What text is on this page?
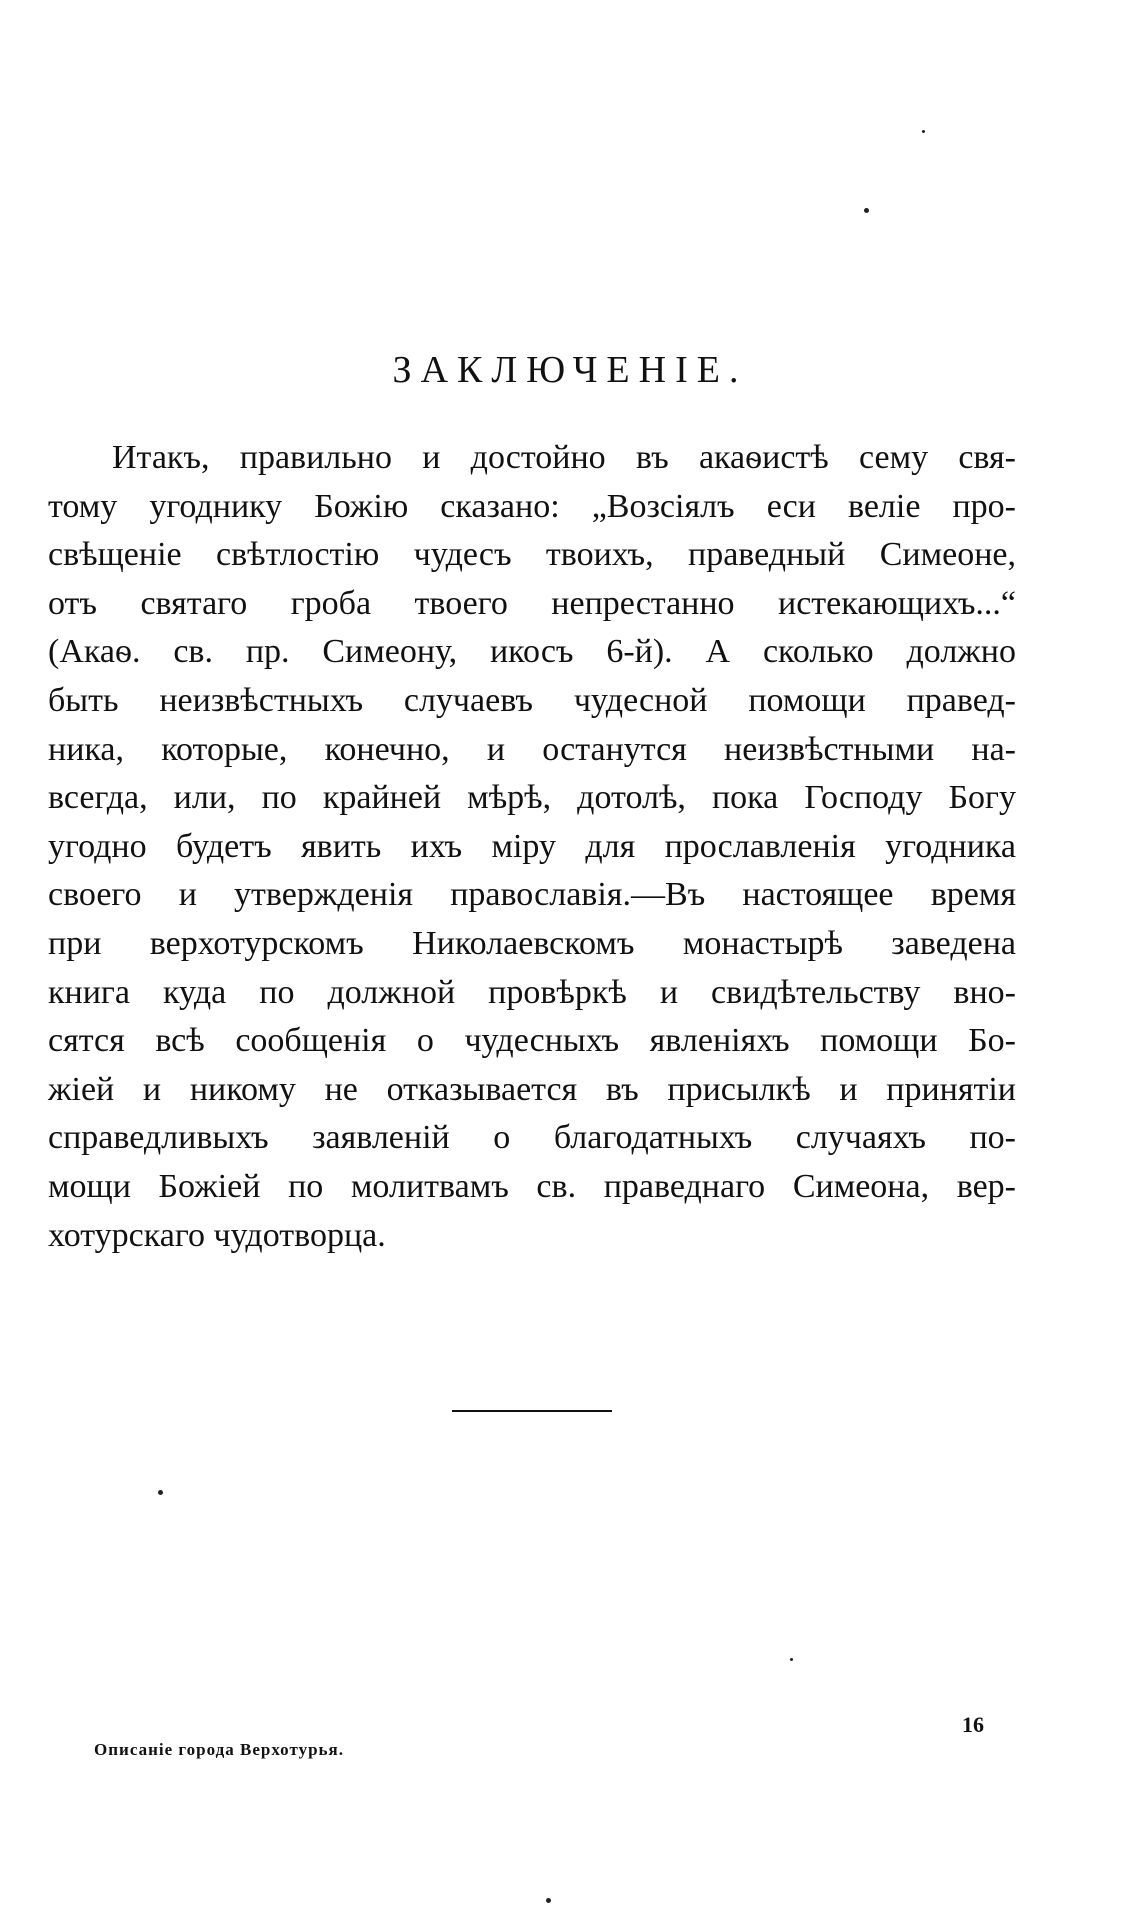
ЗАКЛЮЧЕНІЕ.
Итакъ, правильно и достойно въ акаѳистѣ сему свя-
тому угоднику Божію сказано: „Возсіялъ еси веліе про-
свѣщеніе свѣтлостію чудесъ твоихъ, праведный Симеоне,
отъ святаго гроба твоего непрестанно истекающихъ...“
(Акаѳ. св. пр. Симеону, икосъ 6-й). А сколько должно
быть неизвѣстныхъ случаевъ чудесной помощи правед-
ника, которые, конечно, и останутся неизвѣстными на-
всегда, или, по крайней мѣрѣ, дотолѣ, пока Господу Богу
угодно будетъ явить ихъ міру для прославленія угодника
своего и утвержденія православія.—Въ настоящее время
при верхотурскомъ Николаевскомъ монастырѣ заведена
книга куда по должной провѣркѣ и свидѣтельству вно-
сятся всѣ сообщенія о чудесныхъ явленіяхъ помощи Бо-
жіей и никому не отказывается въ присылкѣ и принятіи
справедливыхъ заявленій о благодатныхъ случаяхъ по-
мощи Божіей по молитвамъ св. праведнаго Симеона, вер-
хотурскаго чудотворца.
Описаніе города Верхотурья.
16
